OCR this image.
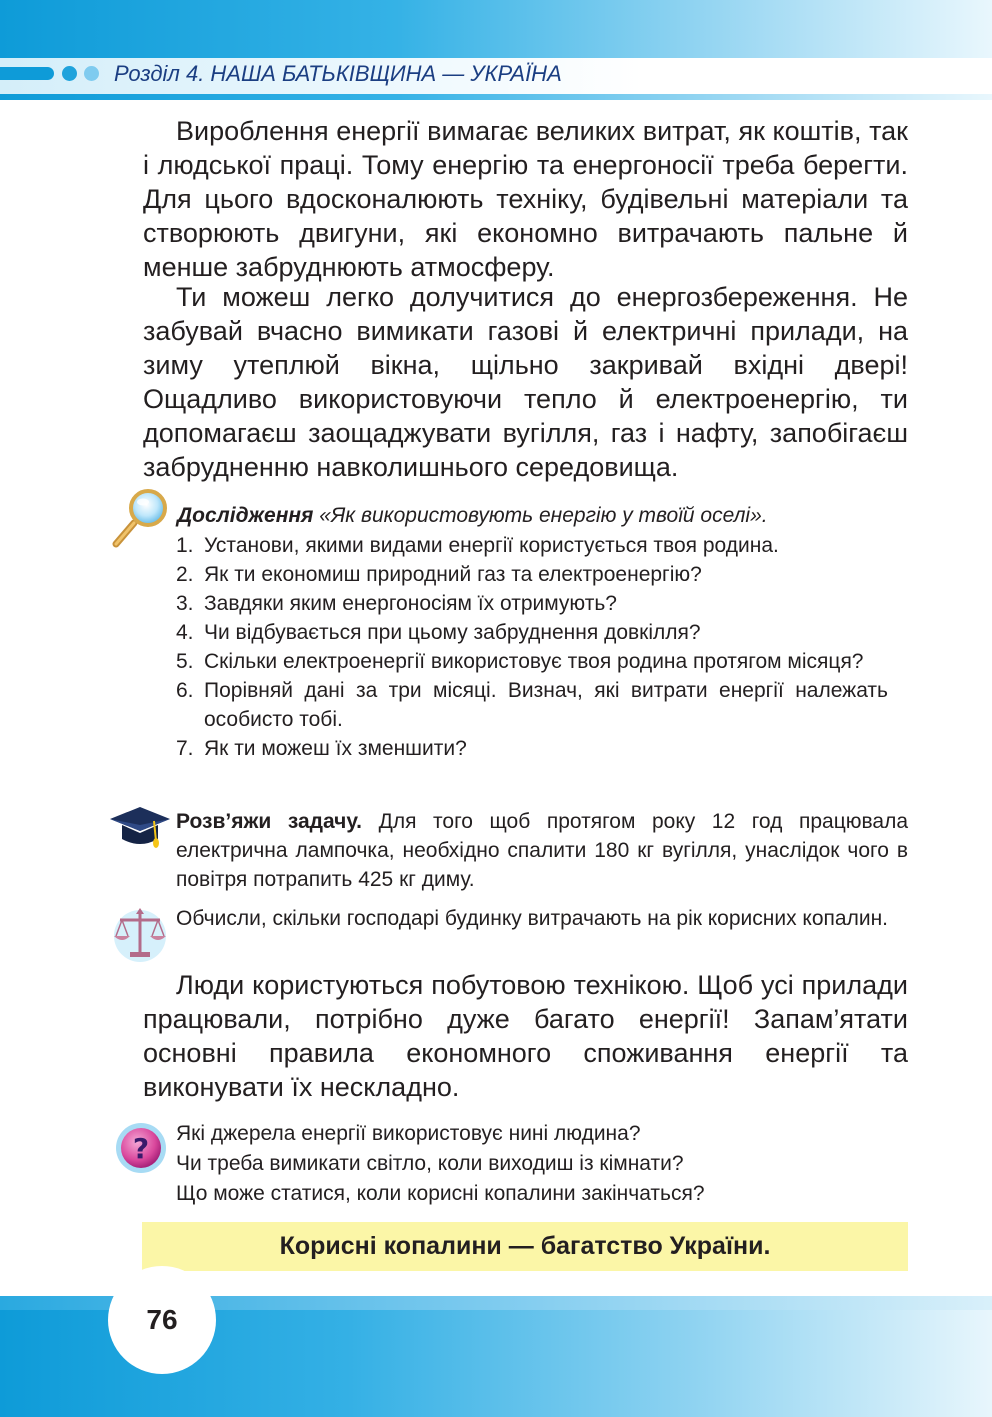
Розділ 4. НАША БАТЬКІВЩИНА — УКРАЇНА

Вироблення енергії вимагає великих витрат, як коштів, так і людської праці. Тому енергію та енергоносії треба берегти. Для цього вдосконалюють техніку, будівельні матеріали та створюють двигуни, які економно витрачають пальне й менше забруднюють атмосферу.

Ти можеш легко долучитися до енергозбереження. Не забувай вчасно вимикати газові й електричні прилади, на зиму утеплюй вікна, щільно закривай вхідні двері! Ощадливо використовуючи тепло й електроенергію, ти допомагаєш заощаджувати вугілля, газ і нафту, запобігаєш забрудненню навколишнього середовища.

Дослідження «Як використовують енергію у твоїй оселі».
1. Установи, якими видами енергії користується твоя родина.
2. Як ти економиш природний газ та електроенергію?
3. Завдяки яким енергоносіям їх отримують?
4. Чи відбувається при цьому забруднення довкілля?
5. Скільки електроенергії використовує твоя родина протягом місяця?
6. Порівняй дані за три місяці. Визнач, які витрати енергії належать особисто тобі.
7. Як ти можеш їх зменшити?

Розв’яжи задачу. Для того щоб протягом року 12 год працювала електрична лампочка, необхідно спалити 180 кг вугілля, унаслідок чого в повітря потрапить 425 кг диму.

Обчисли, скільки господарі будинку витрачають на рік корисних копалин.

Люди користуються побутовою технікою. Щоб усі прилади працювали, потрібно дуже багато енергії! Запам’ятати основні правила економного споживання енергії та виконувати їх нескладно.

? Які джерела енергії використовує нині людина?
Чи треба вимикати світло, коли виходиш із кімнати?
Що може статися, коли корисні копалини закінчаться?
Корисні копалини — багатство України.
76
